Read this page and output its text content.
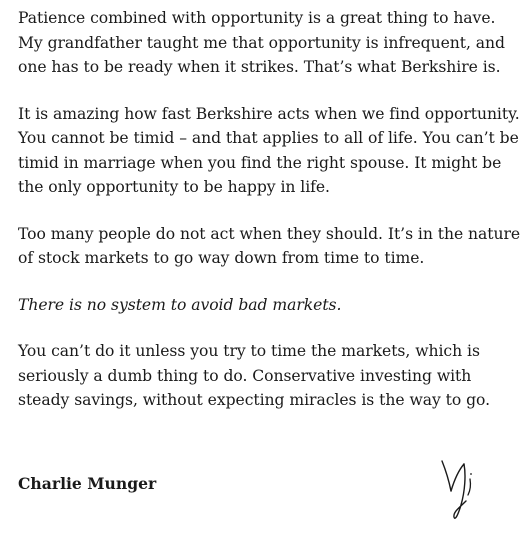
Patience combined with opportunity is a great thing to have. My grandfather taught me that opportunity is infrequent, and one has to be ready when it strikes. That’s what Berkshire is.

It is amazing how fast Berkshire acts when we find opportunity. You cannot be timid – and that applies to all of life. You can’t be timid in marriage when you find the right spouse. It might be the only opportunity to be happy in life.

Too many people do not act when they should. It’s in the nature of stock markets to go way down from time to time.

There is no system to avoid bad markets.

You can’t do it unless you try to time the markets, which is seriously a dumb thing to do. Conservative investing with steady savings, without expecting miracles is the way to go.

Charlie Munger
